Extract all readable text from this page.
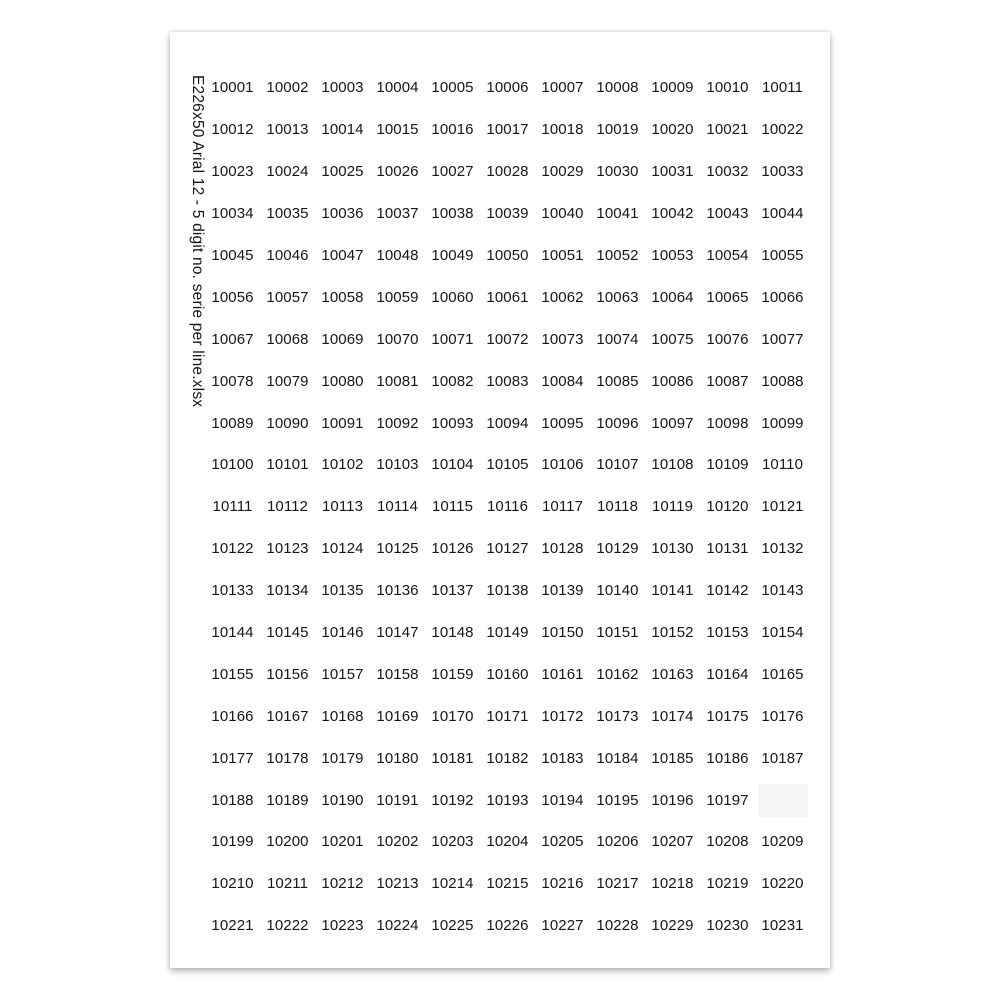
E226x50 Arial 12 - 5 digit no. serie per line.xlsx 10001 10002 10003 10004 10005 10006 10007 10008 10009 10010 10011
10012 10013 10014 10015 10016 10017 10018 10019 10020 10021 10022
10023 10024 10025 10026 10027 10028 10029 10030 10031 10032 10033
10034 10035 10036 10037 10038 10039 10040 10041 10042 10043 10044
10045 10046 10047 10048 10049 10050 10051 10052 10053 10054 10055
10056 10057 10058 10059 10060 10061 10062 10063 10064 10065 10066
10067 10068 10069 10070 10071 10072 10073 10074 10075 10076 10077
10078 10079 10080 10081 10082 10083 10084 10085 10086 10087 10088
10089 10090 10091 10092 10093 10094 10095 10096 10097 10098 10099
10100 10101 10102 10103 10104 10105 10106 10107 10108 10109 10110
10111 10112 10113 10114 10115 10116 10117 10118 10119 10120 10121
10122 10123 10124 10125 10126 10127 10128 10129 10130 10131 10132
10133 10134 10135 10136 10137 10138 10139 10140 10141 10142 10143
10144 10145 10146 10147 10148 10149 10150 10151 10152 10153 10154
10155 10156 10157 10158 10159 10160 10161 10162 10163 10164 10165
10166 10167 10168 10169 10170 10171 10172 10173 10174 10175 10176
10177 10178 10179 10180 10181 10182 10183 10184 10185 10186 10187
10188 10189 10190 10191 10192 10193 10194 10195 10196 10197
10199 10200 10201 10202 10203 10204 10205 10206 10207 10208 10209
10210 10211 10212 10213 10214 10215 10216 10217 10218 10219 10220
10221 10222 10223 10224 10225 10226 10227 10228 10229 10230 10231
